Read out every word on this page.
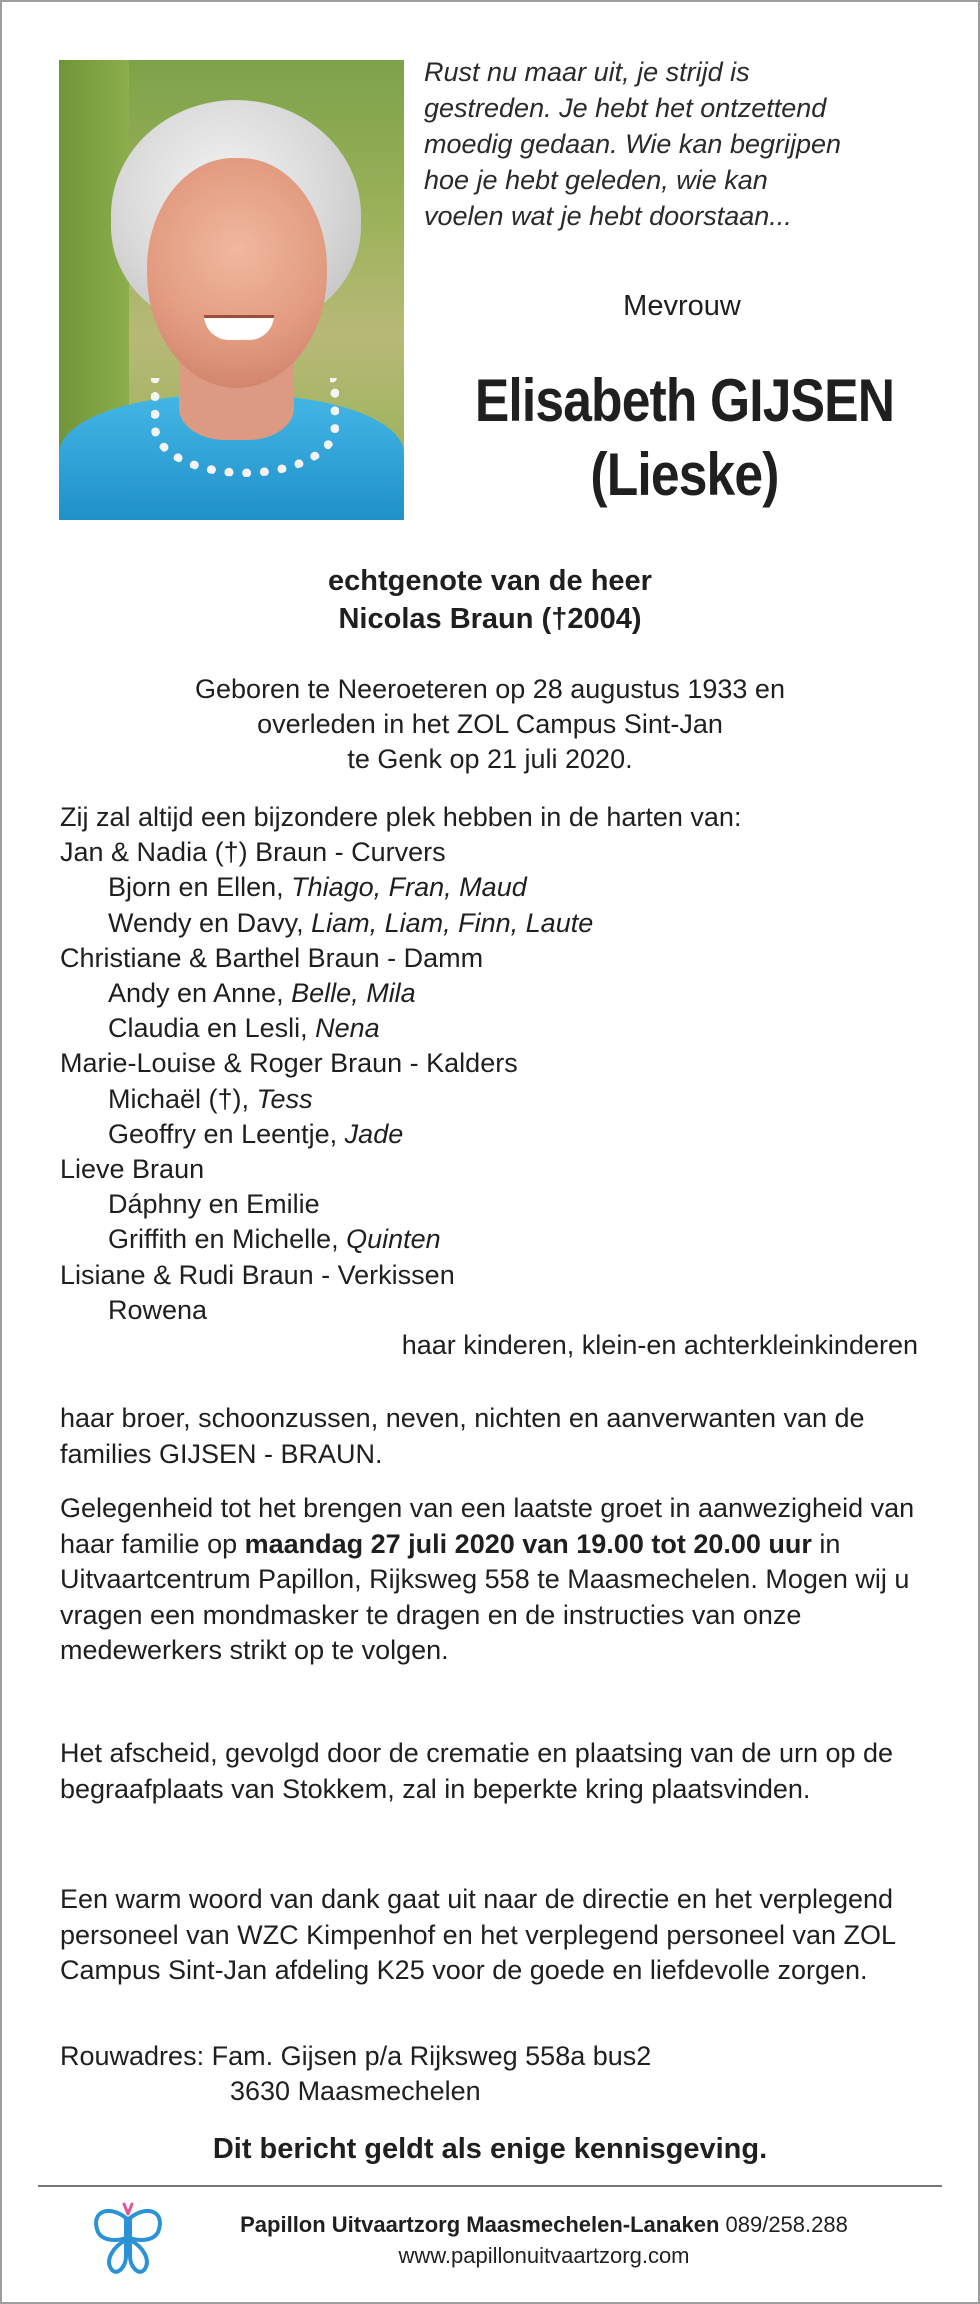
Rust nu maar uit, je strijd is
gestreden. Je hebt het ontzettend
moedig gedaan. Wie kan begrijpen
hoe je hebt geleden, wie kan
voelen wat je hebt doorstaan...

Mevrouw
Elisabeth GIJSEN
(Lieske)
echtgenote van de heer
Nicolas Braun (†2004)
Geboren te Neeroeteren op 28 augustus 1933 en
overleden in het ZOL Campus Sint-Jan
te Genk op 21 juli 2020.
Zij zal altijd een bijzondere plek hebben in de harten van:
Jan & Nadia (†) Braun - Curvers
Bjorn en Ellen, Thiago, Fran, Maud
Wendy en Davy, Liam, Liam, Finn, Laute
Christiane & Barthel Braun - Damm
Andy en Anne, Belle, Mila
Claudia en Lesli, Nena
Marie-Louise & Roger Braun - Kalders
Michaël (†), Tess
Geoffry en Leentje, Jade
Lieve Braun
Dáphny en Emilie
Griffith en Michelle, Quinten
Lisiane & Rudi Braun - Verkissen
Rowena
haar kinderen, klein-en achterkleinkinderen
haar broer, schoonzussen, neven, nichten en aanverwanten van de families GIJSEN - BRAUN.
Gelegenheid tot het brengen van een laatste groet in aanwezigheid van haar familie op maandag 27 juli 2020 van 19.00 tot 20.00 uur in Uitvaartcentrum Papillon, Rijksweg 558 te Maasmechelen. Mogen wij u vragen een mondmasker te dragen en de instructies van onze medewerkers strikt op te volgen.
Het afscheid, gevolgd door de crematie en plaatsing van de urn op de begraafplaats van Stokkem, zal in beperkte kring plaatsvinden.
Een warm woord van dank gaat uit naar de directie en het verplegend personeel van WZC Kimpenhof en het verplegend personeel van ZOL Campus Sint-Jan afdeling K25 voor de goede en liefdevolle zorgen.
Rouwadres: Fam. Gijsen p/a Rijksweg 558a bus2
3630 Maasmechelen
Dit bericht geldt als enige kennisgeving.
Papillon Uitvaartzorg Maasmechelen-Lanaken 089/258.288
www.papillonuitvaartzorg.com
